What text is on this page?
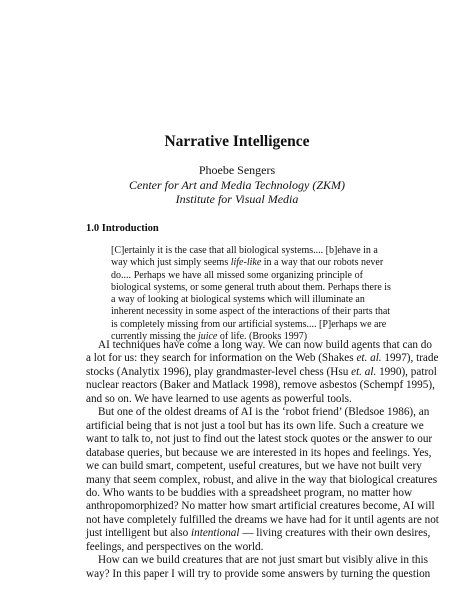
Narrative Intelligence
Phoebe Sengers
Center for Art and Media Technology (ZKM)
Institute for Visual Media
1.0 Introduction
[C]ertainly it is the case that all biological systems.... [b]ehave in a
way which just simply seems life-like in a way that our robots never
do.... Perhaps we have all missed some organizing principle of
biological systems, or some general truth about them. Perhaps there is
a way of looking at biological systems which will illuminate an
inherent necessity in some aspect of the interactions of their parts that
is completely missing from our artificial systems.... [P]erhaps we are
currently missing the juice of life. (Brooks 1997)
AI techniques have come a long way. We can now build agents that can do
a lot for us: they search for information on the Web (Shakes et. al. 1997), trade
stocks (Analytix 1996), play grandmaster-level chess (Hsu et. al. 1990), patrol
nuclear reactors (Baker and Matlack 1998), remove asbestos (Schempf 1995),
and so on. We have learned to use agents as powerful tools.
But one of the oldest dreams of AI is the ‘robot friend’ (Bledsoe 1986), an
artificial being that is not just a tool but has its own life. Such a creature we
want to talk to, not just to find out the latest stock quotes or the answer to our
database queries, but because we are interested in its hopes and feelings. Yes,
we can build smart, competent, useful creatures, but we have not built very
many that seem complex, robust, and alive in the way that biological creatures
do. Who wants to be buddies with a spreadsheet program, no matter how
anthropomorphized? No matter how smart artificial creatures become, AI will
not have completely fulfilled the dreams we have had for it until agents are not
just intelligent but also intentional — living creatures with their own desires,
feelings, and perspectives on the world.
How can we build creatures that are not just smart but visibly alive in this
way? In this paper I will try to provide some answers by turning the question
